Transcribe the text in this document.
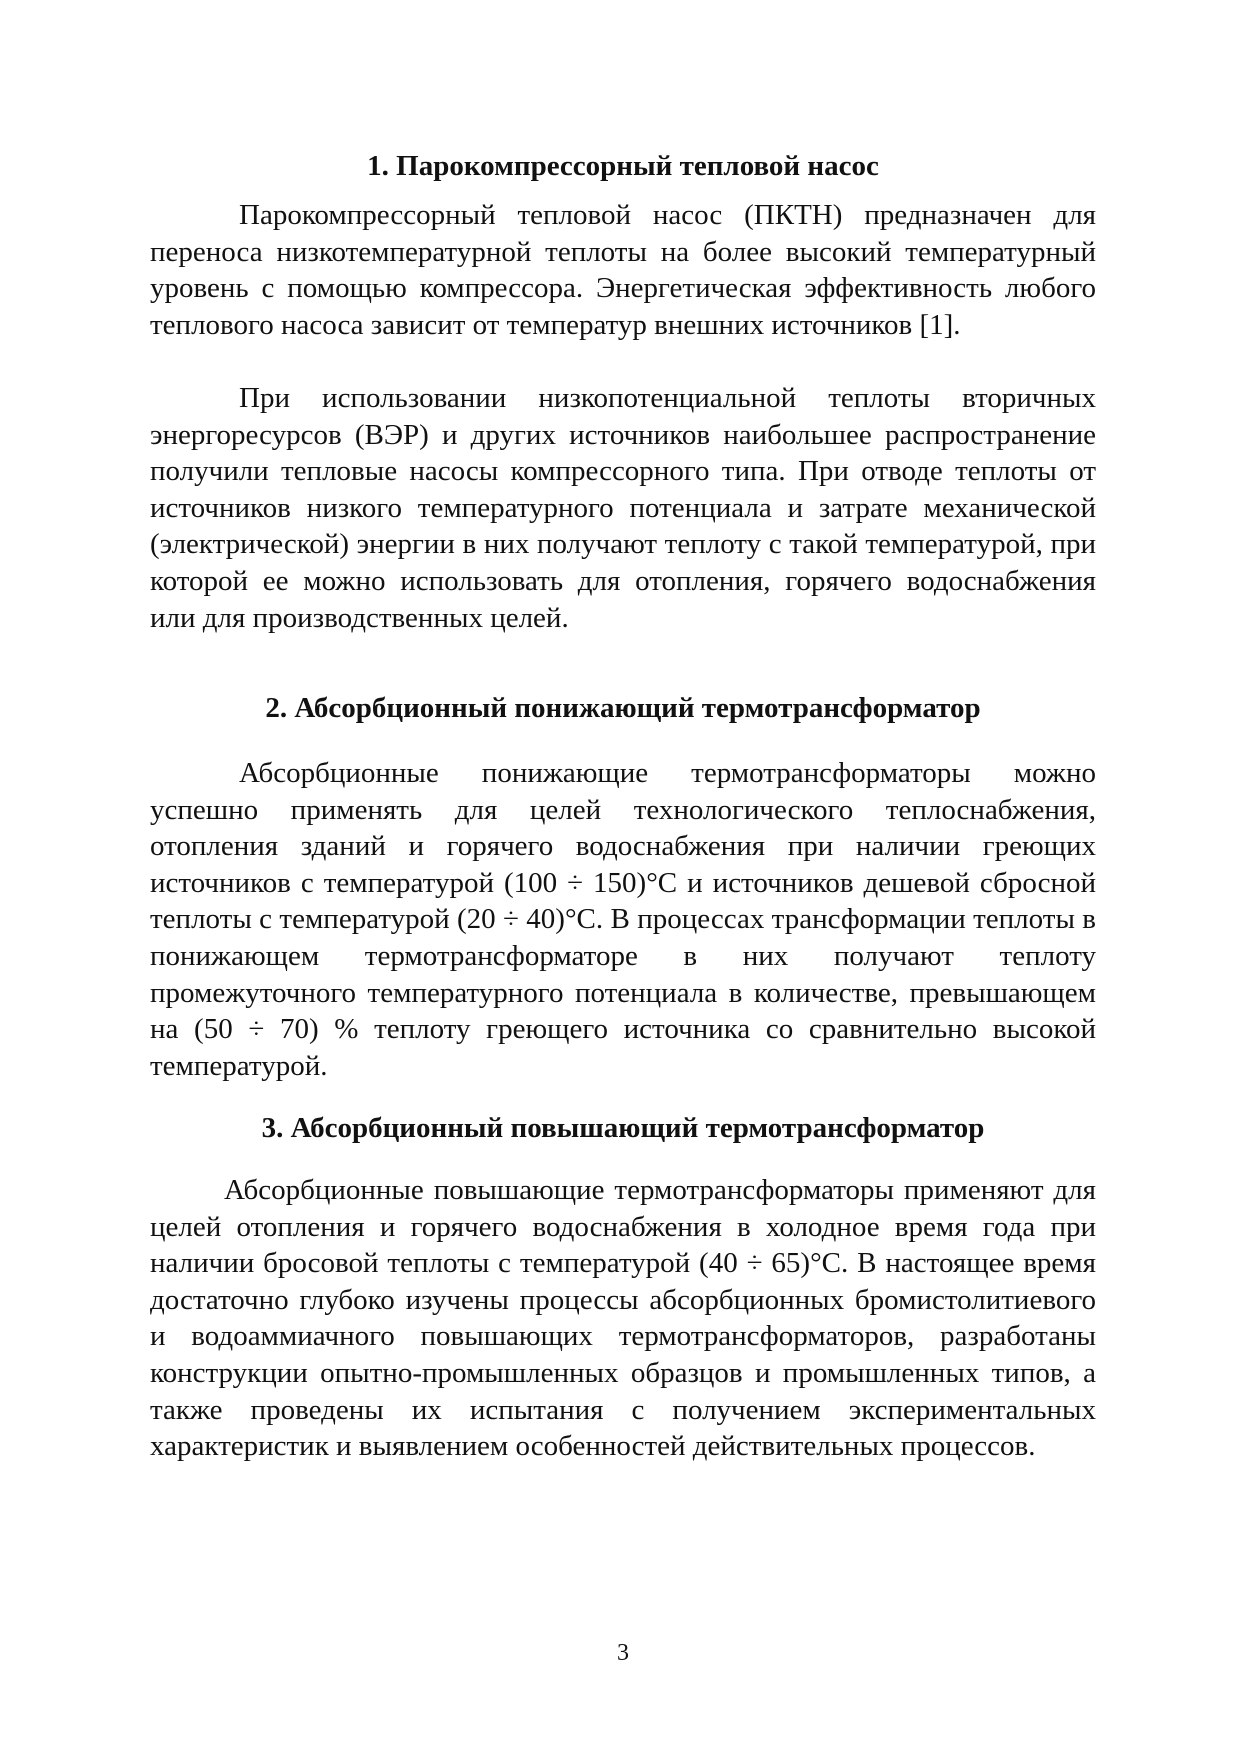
1. Парокомпрессорный тепловой насос

Парокомпрессорный тепловой насос (ПКТН) предназначен для переноса низкотемпературной теплоты на более высокий температурный уровень с помощью компрессора. Энергетическая эффективность любого теплового насоса зависит от температур внешних источников [1].

При использовании низкопотенциальной теплоты вторичных энергоресурсов (ВЭР) и других источников наибольшее распространение получили тепловые насосы компрессорного типа. При отводе теплоты от источников низкого температурного потенциала и затрате механической (электрической) энергии в них получают теплоту с такой температурой, при которой ее можно использовать для отопления, горячего водоснабжения или для производственных целей.

2. Абсорбционный понижающий термотрансформатор

Абсорбционные понижающие термотрансформаторы можно успешно применять для целей технологического теплоснабжения, отопления зданий и горячего водоснабжения при наличии греющих источников с температурой (100 ÷ 150)°С и источников дешевой сбросной теплоты с температурой (20 ÷ 40)°С. В процессах трансформации теплоты в понижающем термотрансформаторе в них получают теплоту промежуточного температурного потенциала в количестве, превышающем на (50 ÷ 70) % теплоту греющего источника со сравнительно высокой температурой.

3. Абсорбционный повышающий термотрансформатор

Абсорбционные повышающие термотрансформаторы применяют для целей отопления и горячего водоснабжения в холодное время года при наличии бросовой теплоты с температурой (40 ÷ 65)°С. В настоящее время достаточно глубоко изучены процессы абсорбционных бромистолитиевого и водоаммиачного повышающих термотрансформаторов, разработаны конструкции опытно-промышленных образцов и промышленных типов, а также проведены их испытания с получением экспериментальных характеристик и выявлением особенностей действительных процессов.

3
